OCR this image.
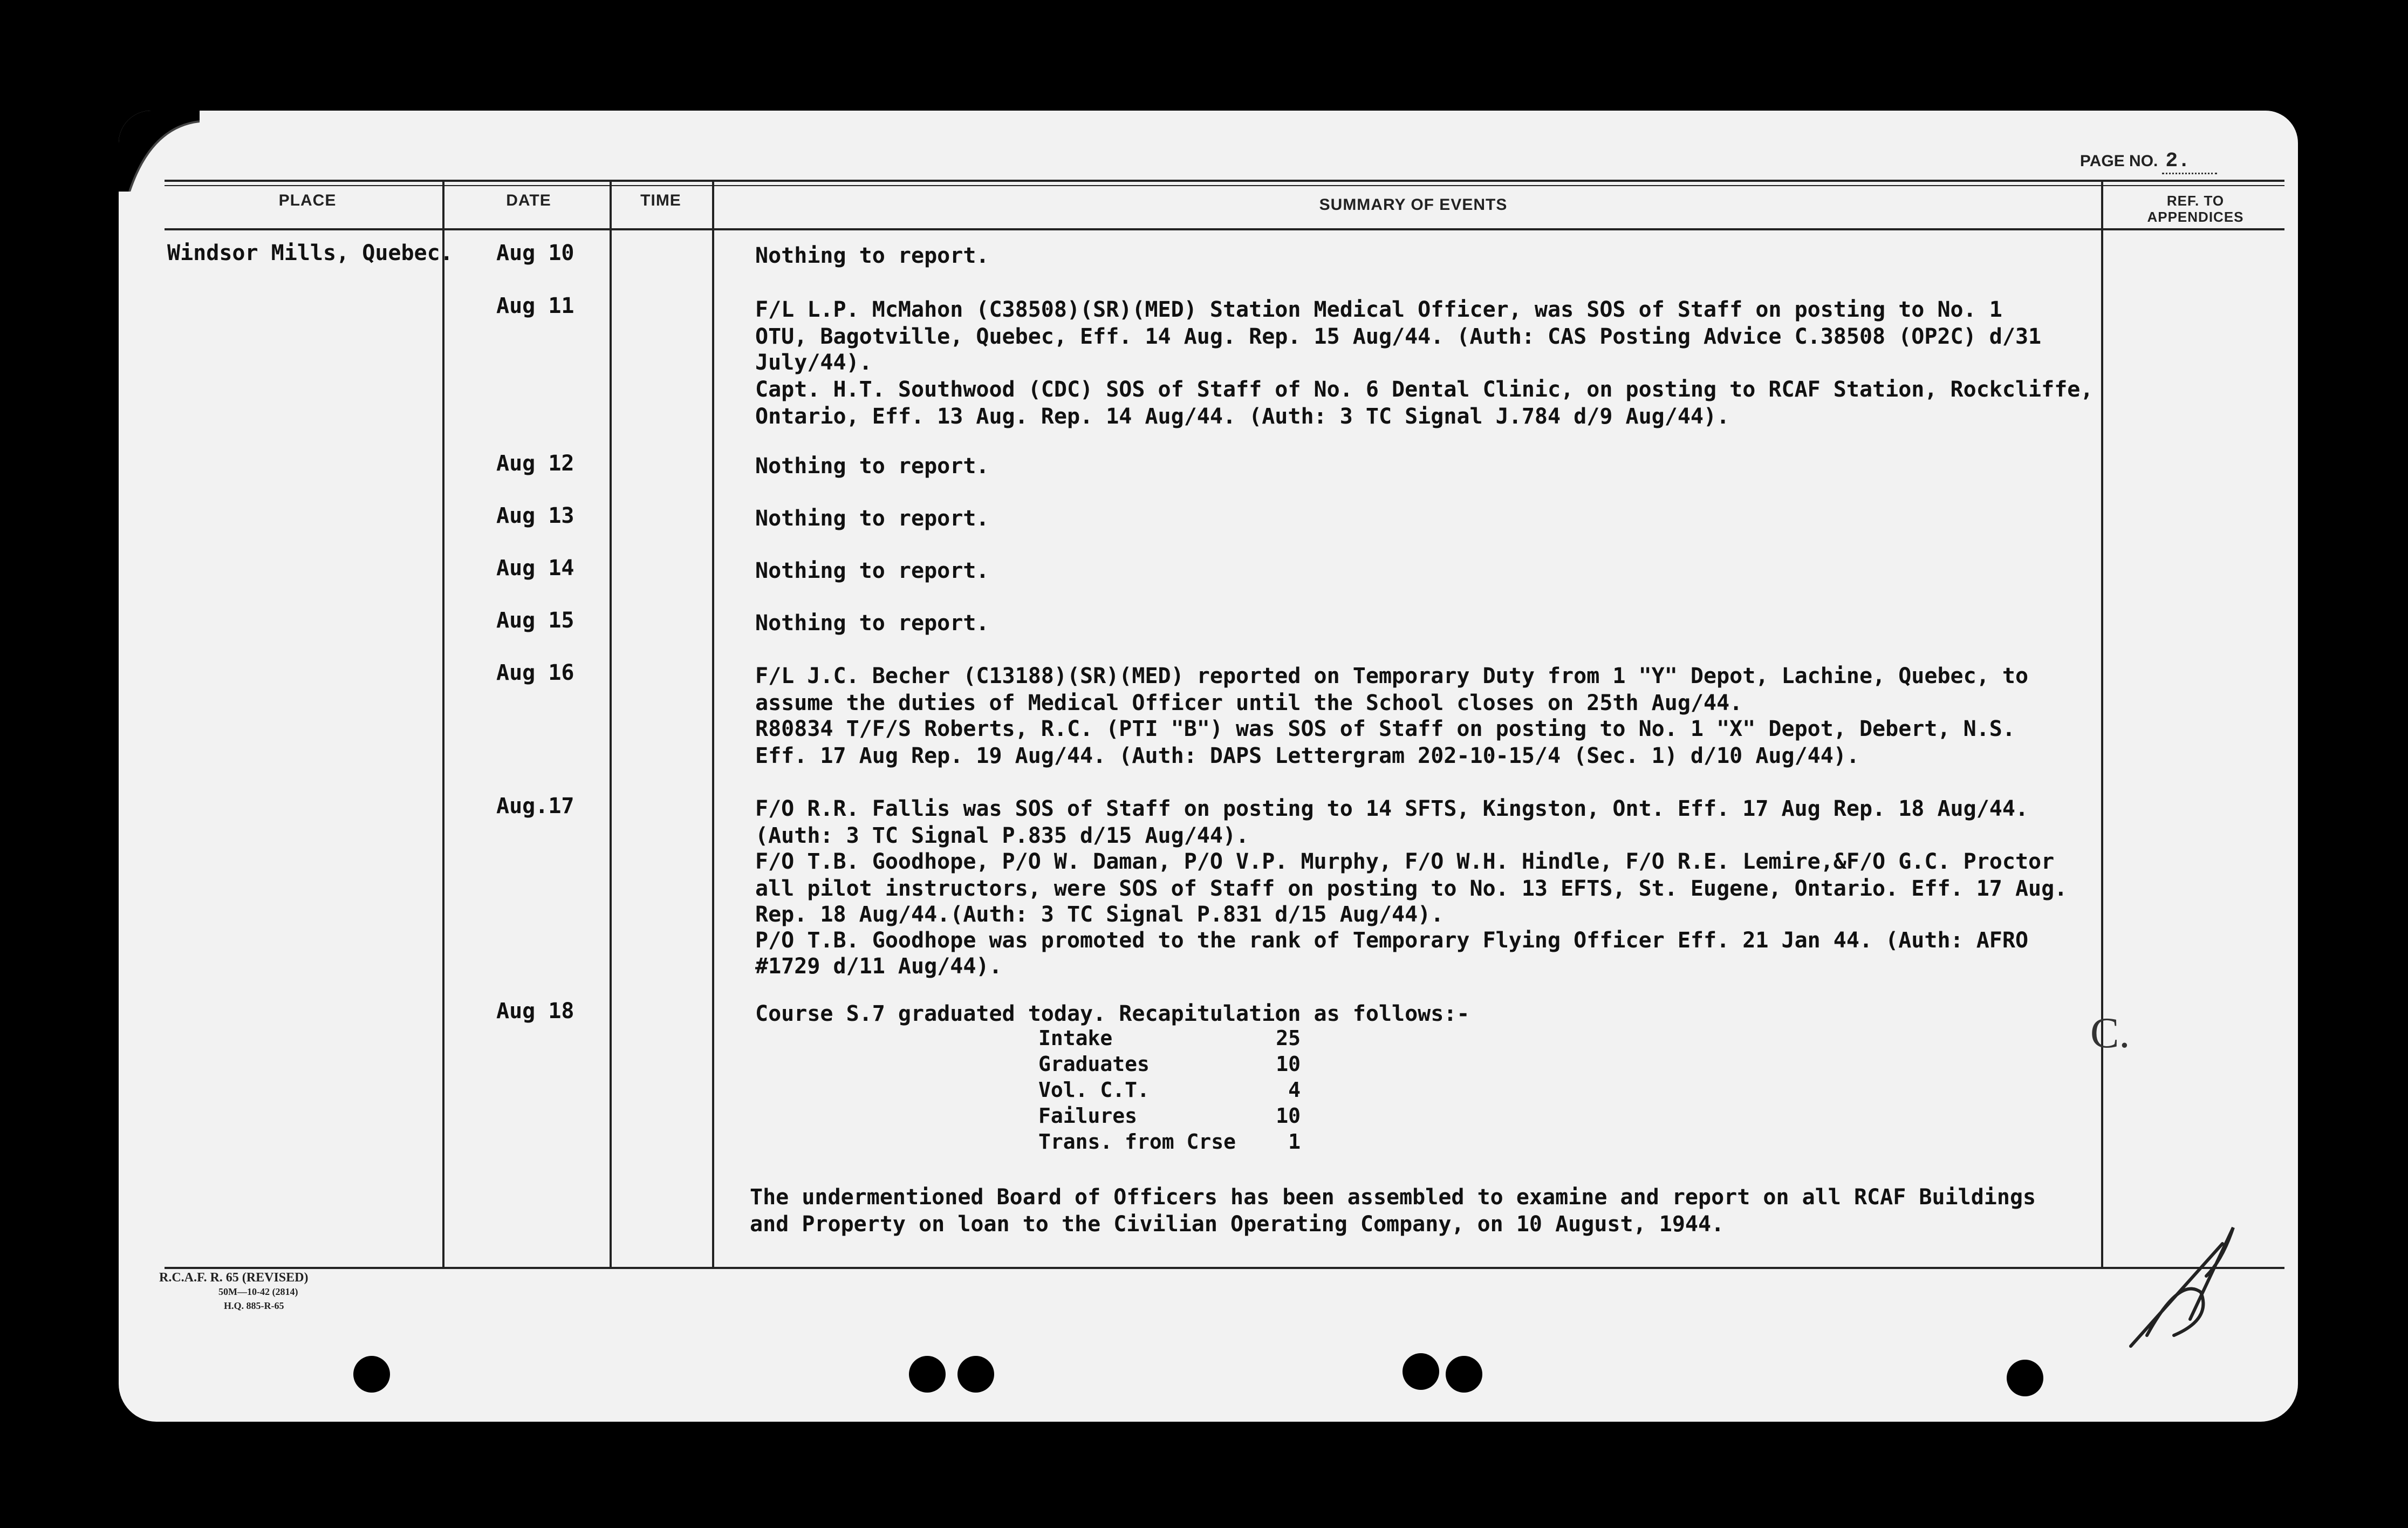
PAGE NO. 2.
PLACE	DATE	TIME	SUMMARY OF EVENTS	REF. TO
APPENDICES
Windsor Mills, Quebec. Aug 10	Nothing to report.
Aug 11	F/L L.P. McMahon (C38508)(SR)(MED) Station Medical Officer, was SOS of Staff on posting to No. 1
OTU, Bagotville, Quebec, Eff. 14 Aug. Rep. 15 Aug/44. (Auth: CAS Posting Advice C.38508 (OP2C) d/31
July/44).
Capt. H.T. Southwood (CDC) SOS of Staff of No. 6 Dental Clinic, on posting to RCAF Station, Rockcliffe,
Ontario, Eff. 13 Aug. Rep. 14 Aug/44. (Auth: 3 TC Signal J.784 d/9 Aug/44).
Aug 12	Nothing to report.
Aug 13	Nothing to report.
Aug 14	Nothing to report.
Aug 15	Nothing to report.
Aug 16	F/L J.C. Becher (C13188)(SR)(MED) reported on Temporary Duty from 1 "Y" Depot, Lachine, Quebec, to
assume the duties of Medical Officer until the School closes on 25th Aug/44.
R80834 T/F/S Roberts, R.C. (PTI "B") was SOS of Staff on posting to No. 1 "X" Depot, Debert, N.S.
Eff. 17 Aug Rep. 19 Aug/44. (Auth: DAPS Lettergram 202-10-15/4 (Sec. 1) d/10 Aug/44).
Aug.17	F/O R.R. Fallis was SOS of Staff on posting to 14 SFTS, Kingston, Ont. Eff. 17 Aug Rep. 18 Aug/44.
(Auth: 3 TC Signal P.835 d/15 Aug/44).
F/O T.B. Goodhope, P/O W. Daman, P/O V.P. Murphy, F/O W.H. Hindle, F/O R.E. Lemire,&F/O G.C. Proctor
all pilot instructors, were SOS of Staff on posting to No. 13 EFTS, St. Eugene, Ontario. Eff. 17 Aug.
Rep. 18 Aug/44.(Auth: 3 TC Signal P.831 d/15 Aug/44).
P/O T.B. Goodhope was promoted to the rank of Temporary Flying Officer Eff. 21 Jan 44. (Auth: AFRO
#1729 d/11 Aug/44).
Aug 18	Course S.7 graduated today. Recapitulation as follows:-
Intake	25
Graduates	10
Vol. C.T.	4
Failures	10
Trans. from Crse	1
The undermentioned Board of Officers has been assembled to examine and report on all RCAF Buildings
and Property on loan to the Civilian Operating Company, on 10 August, 1944.
C.
R.C.A.F. R. 65 (REVISED)
50M—10-42 (2814)
H.Q. 885-R-65
